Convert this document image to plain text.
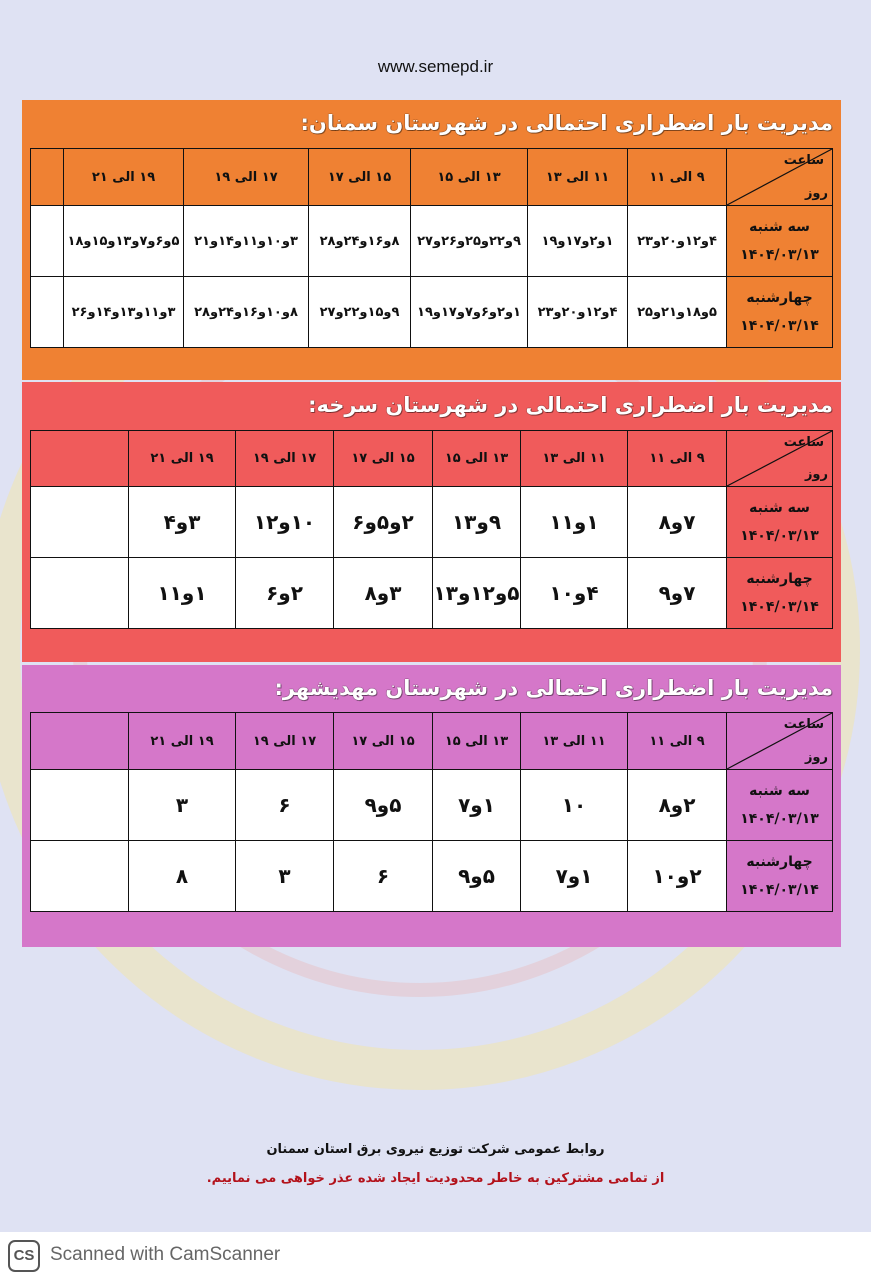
www.semepd.ir
مدیریت بار اضطراری احتمالی در شهرستان سمنان:
ساعت
روز	۹ الی ۱۱	۱۱ الی ۱۳	۱۳ الی ۱۵	۱۵ الی ۱۷	۱۷ الی ۱۹	۱۹ الی ۲۱	

سه شنبه
۱۴۰۴/۰۳/۱۳	۴و۱۲و۲۰و۲۳	۱و۲و۱۷و۱۹	۹و۲۲و۲۵و۲۶و۲۷	۸و۱۶و۲۴و۲۸	۳و۱۰و۱۱و۱۴و۲۱	۵و۶و۷و۱۳و۱۵و۱۸	

چهارشنبه
۱۴۰۴/۰۳/۱۴	۵و۱۸و۲۱و۲۵	۴و۱۲و۲۰و۲۳	۱و۲و۶و۷و۱۷و۱۹	۹و۱۵و۲۲و۲۷	۸و۱۰و۱۶و۲۴و۲۸	۳و۱۱و۱۳و۱۴و۲۶	
مدیریت بار اضطراری احتمالی در شهرستان سرخه:
ساعت
روز	۹ الی ۱۱	۱۱ الی ۱۳	۱۳ الی ۱۵	۱۵ الی ۱۷	۱۷ الی ۱۹	۱۹ الی ۲۱	

سه شنبه
۱۴۰۴/۰۳/۱۳	۷و۸	۱و۱۱	۹و۱۳	۲و۵و۶	۱۰و۱۲	۳و۴	

چهارشنبه
۱۴۰۴/۰۳/۱۴	۷و۹	۴و۱۰	۵و۱۲و۱۳	۳و۸	۲و۶	۱و۱۱	
مدیریت بار اضطراری احتمالی در شهرستان مهدیشهر:
ساعت
روز	۹ الی ۱۱	۱۱ الی ۱۳	۱۳ الی ۱۵	۱۵ الی ۱۷	۱۷ الی ۱۹	۱۹ الی ۲۱	

سه شنبه
۱۴۰۴/۰۳/۱۳	۲و۸	۱۰	۱و۷	۵و۹	۶	۳	

چهارشنبه
۱۴۰۴/۰۳/۱۴	۲و۱۰	۱و۷	۵و۹	۶	۳	۸	
روابط عمومی شرکت توزیع نیروی برق استان سمنان
از تمامی مشترکین به خاطر محدودیت ایجاد شده عذر خواهی می نماییم.
CS Scanned with CamScanner
